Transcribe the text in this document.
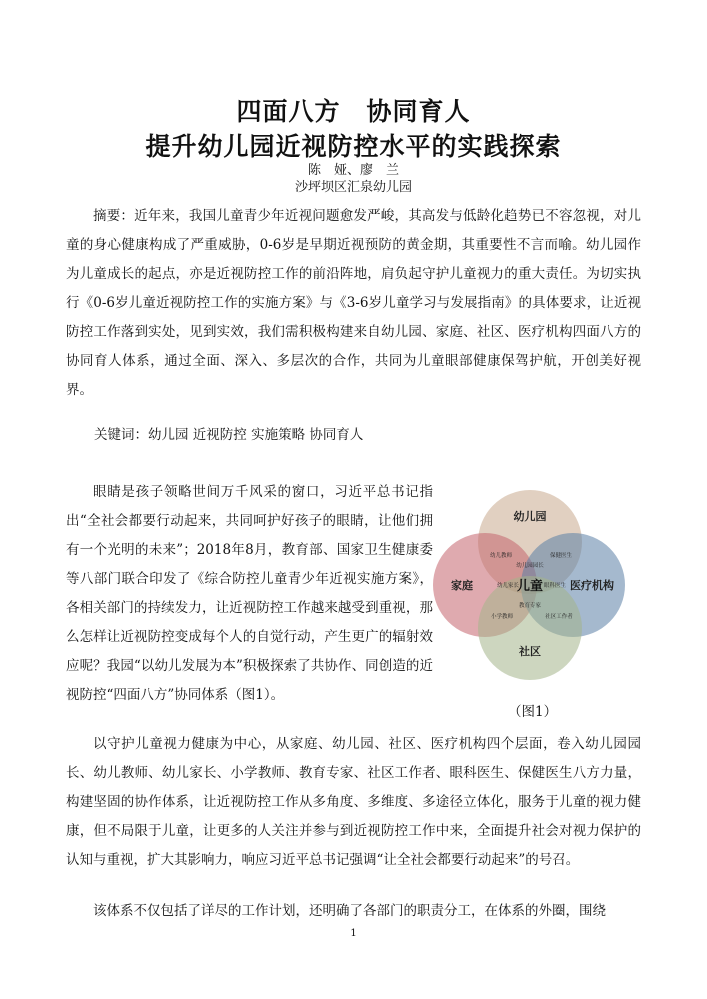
四面八方　协同育人
提升幼儿园近视防控水平的实践探索
陈　娅、廖　兰
沙坪坝区汇泉幼儿园

摘要：近年来，我国儿童青少年近视问题愈发严峻，其高发与低龄化趋势已不容忽视，对儿童的身心健康构成了严重威胁，0-6岁是早期近视预防的黄金期，其重要性不言而喻。幼儿园作为儿童成长的起点，亦是近视防控工作的前沿阵地，肩负起守护儿童视力的重大责任。为切实执行《0-6岁儿童近视防控工作的实施方案》与《3-6岁儿童学习与发展指南》的具体要求，让近视防控工作落到实处，见到实效，我们需积极构建来自幼儿园、家庭、社区、医疗机构四面八方的协同育人体系，通过全面、深入、多层次的合作，共同为儿童眼部健康保驾护航，开创美好视界。

关键词：幼儿园 近视防控 实施策略 协同育人

眼睛是孩子领略世间万千风采的窗口，习近平总书记指出“全社会都要行动起来，共同呵护好孩子的眼睛，让他们拥有一个光明的未来”；2018年8月，教育部、国家卫生健康委等八部门联合印发了《综合防控儿童青少年近视实施方案》，各相关部门的持续发力，让近视防控工作越来越受到重视，那么怎样让近视防控变成每个人的自觉行动，产生更广的辐射效应呢？我园“以幼儿发展为本”积极探索了共协作、同创造的近视防控“四面八方”协同体系（图1）。

幼儿园
家庭	医疗机构
社区
儿童
幼儿教师	保健医生
幼儿园园长
幼儿家长	眼科医生
教育专家
小学教师	社区工作者
（图1）

以守护儿童视力健康为中心，从家庭、幼儿园、社区、医疗机构四个层面，卷入幼儿园园长、幼儿教师、幼儿家长、小学教师、教育专家、社区工作者、眼科医生、保健医生八方力量，构建坚固的协作体系，让近视防控工作从多角度、多维度、多途径立体化，服务于儿童的视力健康，但不局限于儿童，让更多的人关注并参与到近视防控工作中来，全面提升社会对视力保护的认知与重视，扩大其影响力，响应习近平总书记强调“让全社会都要行动起来”的号召。

该体系不仅包括了详尽的工作计划，还明确了各部门的职责分工，在体系的外圈，围绕

1
